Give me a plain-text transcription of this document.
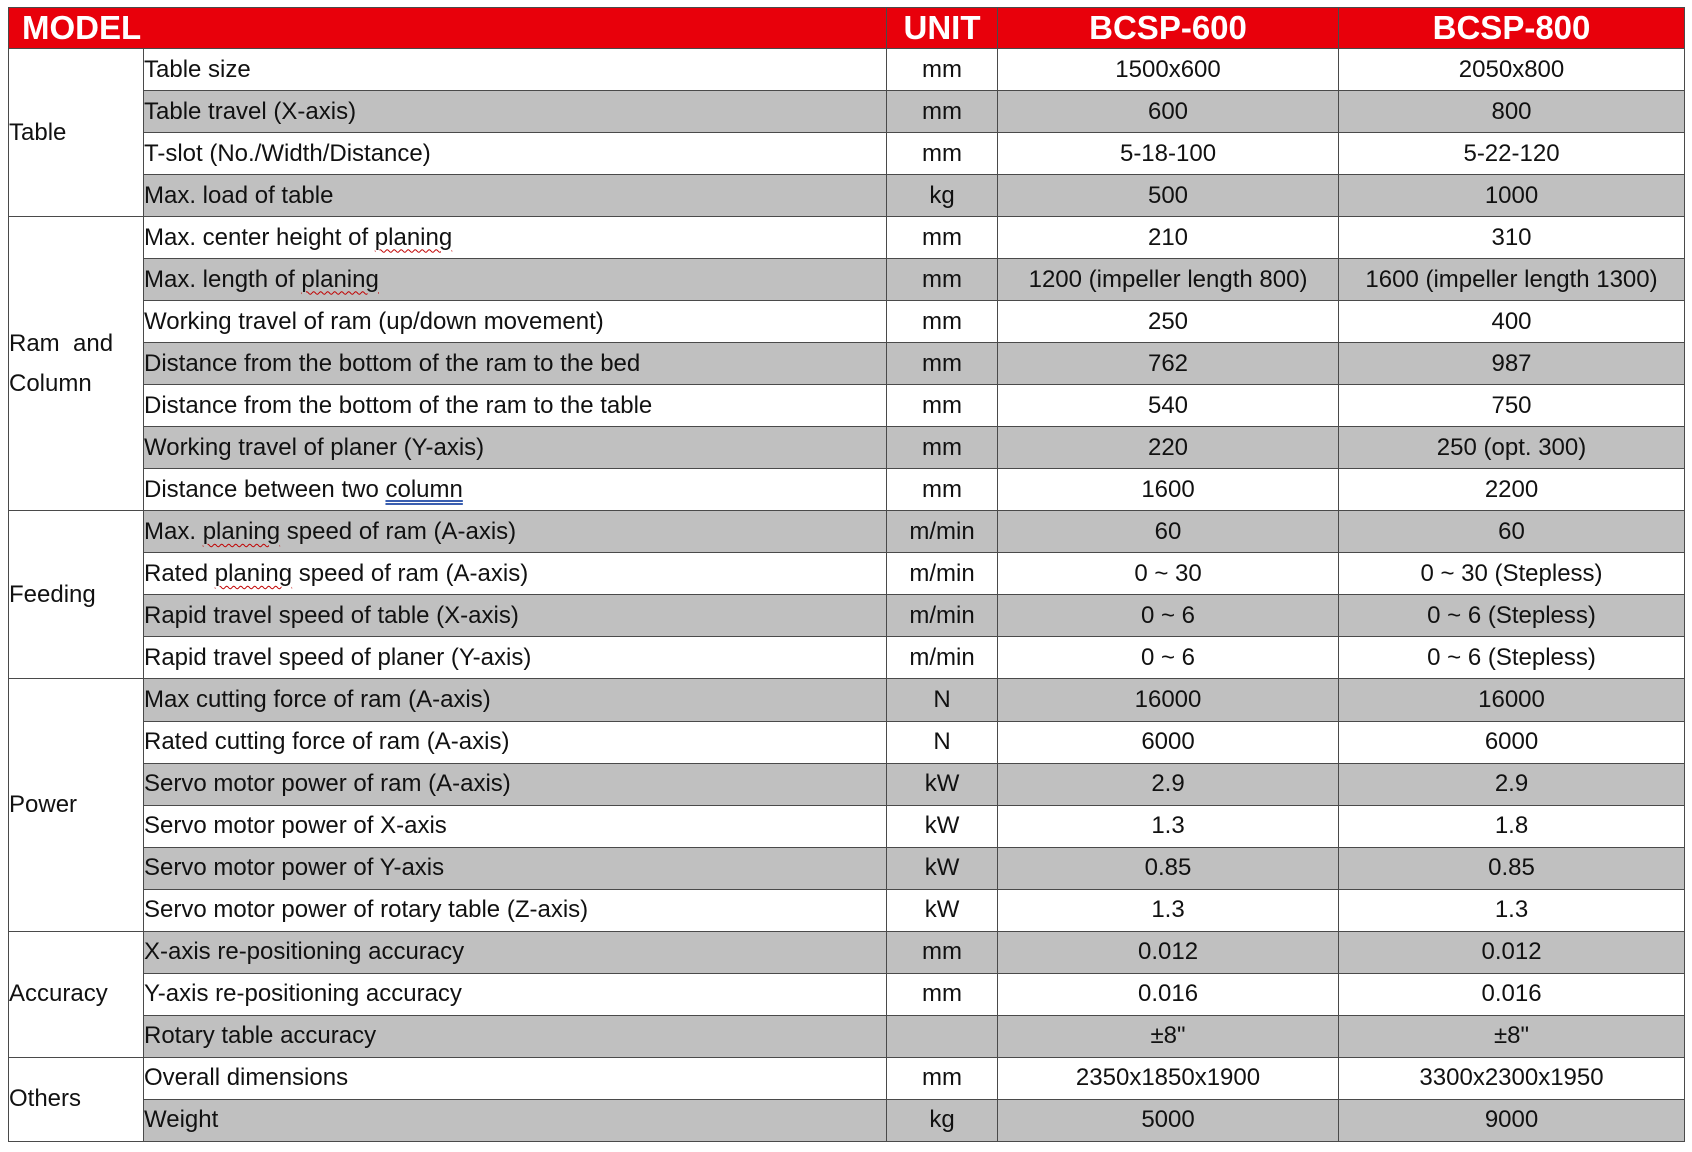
MODEL		UNIT	BCSP-600	BCSP-800
Table	Table size	mm	1500x600	2050x800
	Table travel (X-axis)	mm	600	800
	T-slot (No./Width/Distance)	mm	5-18-100	5-22-120
	Max. load of table	kg	500	1000

Ram  and
Column	Max. center height of planing	mm	210	310
	Max. length of planing	mm	1200 (impeller length 800)	1600 (impeller length 1300)
	Working travel of ram (up/down movement)	mm	250	400
	Distance from the bottom of the ram to the bed	mm	762	987
	Distance from the bottom of the ram to the table	mm	540	750
	Working travel of planer (Y-axis)	mm	220	250 (opt. 300)
	Distance between two column	mm	1600	2200
Feeding	Max. planing speed of ram (A-axis)	m/min	60	60
	Rated planing speed of ram (A-axis)	m/min	0 ~ 30	0 ~ 30 (Stepless)
	Rapid travel speed of table (X-axis)	m/min	0 ~ 6	0 ~ 6 (Stepless)
	Rapid travel speed of planer (Y-axis)	m/min	0 ~ 6	0 ~ 6 (Stepless)
Power	Max cutting force of ram (A-axis)	N	16000	16000
	Rated cutting force of ram (A-axis)	N	6000	6000
	Servo motor power of ram (A-axis)	kW	2.9	2.9
	Servo motor power of X-axis	kW	1.3	1.8
	Servo motor power of Y-axis	kW	0.85	0.85
	Servo motor power of rotary table (Z-axis)	kW	1.3	1.3
Accuracy	X-axis re-positioning accuracy	mm	0.012	0.012
	Y-axis re-positioning accuracy	mm	0.016	0.016
	Rotary table accuracy		±8"	±8"
Others	Overall dimensions	mm	2350x1850x1900	3300x2300x1950
	Weight	kg	5000	9000
